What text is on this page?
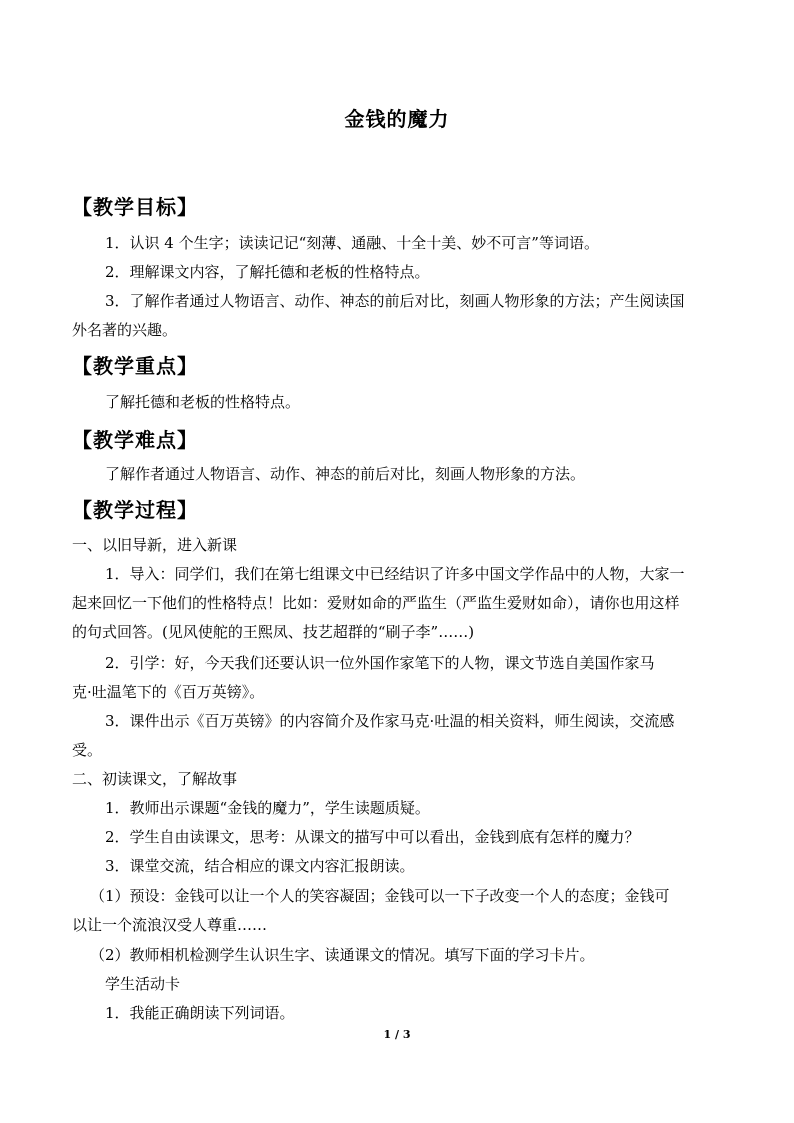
金钱的魔力
【教学目标】
1．认识 4 个生字；读读记记“刻薄、通融、十全十美、妙不可言”等词语。
2．理解课文内容，了解托德和老板的性格特点。
3．了解作者通过人物语言、动作、神态的前后对比，刻画人物形象的方法；产生阅读国
外名著的兴趣。
【教学重点】
了解托德和老板的性格特点。
【教学难点】
了解作者通过人物语言、动作、神态的前后对比，刻画人物形象的方法。
【教学过程】
一、以旧导新，进入新课
1．导入：同学们，我们在第七组课文中已经结识了许多中国文学作品中的人物，大家一
起来回忆一下他们的性格特点！比如：爱财如命的严监生（严监生爱财如命），请你也用这样
的句式回答。(见风使舵的王熙凤、技艺超群的“刷子李”……)
2．引学：好，今天我们还要认识一位外国作家笔下的人物，课文节选自美国作家马
克·吐温笔下的《百万英镑》。
3．课件出示《百万英镑》的内容简介及作家马克·吐温的相关资料，师生阅读，交流感
受。
二、初读课文，了解故事
1．教师出示课题“金钱的魔力”，学生读题质疑。
2．学生自由读课文，思考：从课文的描写中可以看出，金钱到底有怎样的魔力？
3．课堂交流，结合相应的课文内容汇报朗读。
（1）预设：金钱可以让一个人的笑容凝固；金钱可以一下子改变一个人的态度；金钱可
以让一个流浪汉受人尊重……
（2）教师相机检测学生认识生字、读通课文的情况。填写下面的学习卡片。
学生活动卡
1．我能正确朗读下列词语。
1 / 3
